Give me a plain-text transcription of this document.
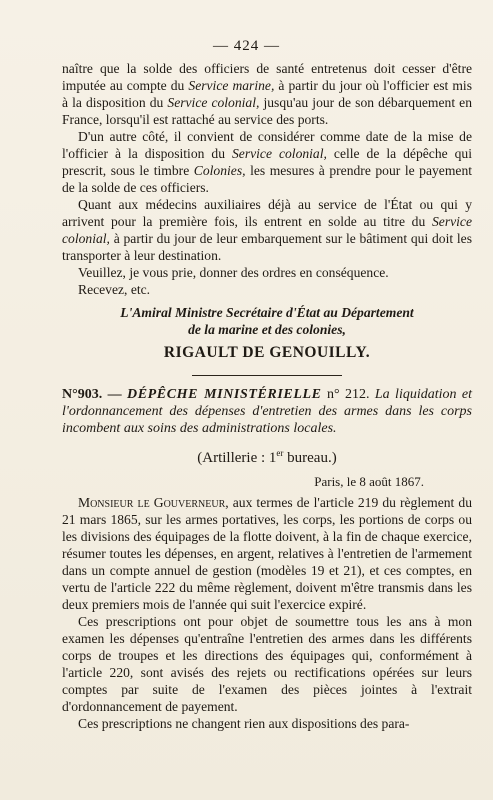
— 424 —

naître que la solde des officiers de santé entretenus doit cesser d'être imputée au compte du Service marine, à partir du jour où l'officier est mis à la disposition du Service colonial, jusqu'au jour de son débarquement en France, lorsqu'il est rattaché au service des ports.

D'un autre côté, il convient de considérer comme date de la mise de l'officier à la disposition du Service colonial, celle de la dépêche qui prescrit, sous le timbre Colonies, les mesures à prendre pour le payement de la solde de ces officiers.

Quant aux médecins auxiliaires déjà au service de l'État ou qui y arrivent pour la première fois, ils entrent en solde au titre du Service colonial, à partir du jour de leur embarquement sur le bâtiment qui doit les transporter à leur destination.

Veuillez, je vous prie, donner des ordres en conséquence.

Recevez, etc.

L'Amiral Ministre Secrétaire d'État au Département

de la marine et des colonies,

RIGAULT DE GENOUILLY.

N°903. — DÉPÊCHE MINISTÉRIELLE n° 212. La liquidation et l'ordonnancement des dépenses d'entretien des armes dans les corps incombent aux soins des administrations locales.

(Artillerie : 1er bureau.)

Paris, le 8 août 1867.

Monsieur le Gouverneur, aux termes de l'article 219 du règlement du 21 mars 1865, sur les armes portatives, les corps, les portions de corps ou les divisions des équipages de la flotte doivent, à la fin de chaque exercice, résumer toutes les dépenses, en argent, relatives à l'entretien de l'armement dans un compte annuel de gestion (modèles 19 et 21), et ces comptes, en vertu de l'article 222 du même règlement, doivent m'être transmis dans les deux premiers mois de l'année qui suit l'exercice expiré.

Ces prescriptions ont pour objet de soumettre tous les ans à mon examen les dépenses qu'entraîne l'entretien des armes dans les différents corps de troupes et les directions des équipages qui, conformément à l'article 220, sont avisés des rejets ou rectifications opérées sur leurs comptes par suite de l'examen des pièces jointes à l'extrait d'ordonnancement de payement.

Ces prescriptions ne changent rien aux dispositions des para-
